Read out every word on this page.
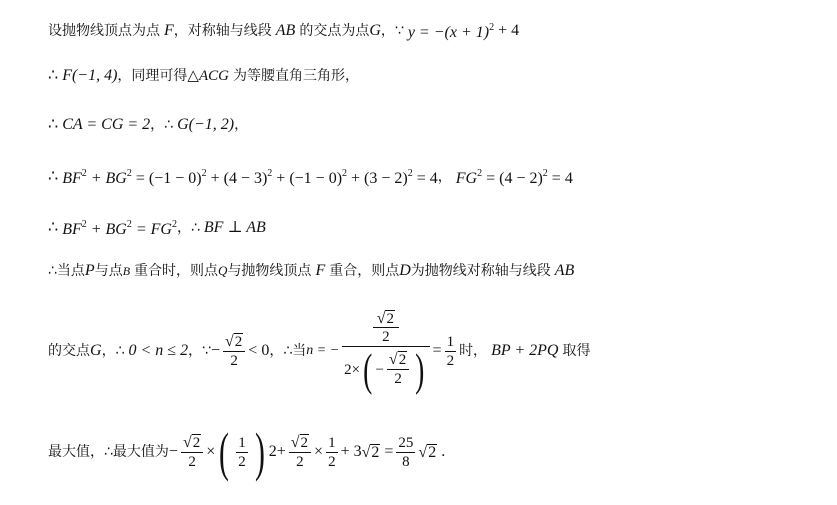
设抛物线顶点为点 F ，对称轴与线段 AB 的交点为点 G ，∵ $y = -(x + 1)^2 + 4$
∴ F(−1, 4) ，同理可得 △ACG 为等腰直角三角形，
∴ CA = CG = 2 ，∴ G(−1, 2) ，
∴ $BF^2 + BG^2 = (-1 - 0)^2 + (4 - 3)^2 + (-1 - 0)^2 + (3 - 2)^2 = 4$ ， $FG^2 = (4 - 2)^2 = 4$
∴ $BF^2 + BG^2 = FG^2$ ，∴ BF ⊥ AB
∴当点 P 与点 B 重合时，则点 Q 与抛物线顶点 F 重合，则点 D 为抛物线对称轴与线段 AB
的交点 G ，∴ 0 < n ≤ 2 ，∵ − $\frac{√ 2}{2} < 0$ ，∴当 n = −
√ 2
2
2× ( − $\frac{√ 2}{2}$ ) = $\frac{1}{2}$ 时， BP + 2PQ 取得
最大值，∴最大值为 − $\frac{√ 2}{2}$ × ( $\frac{1}{2}$ ) $2 + \frac{√ 2}{2} \times \frac{1}{2} + 3$ √ $2 = \frac{25}{8}$ √ 2 .
